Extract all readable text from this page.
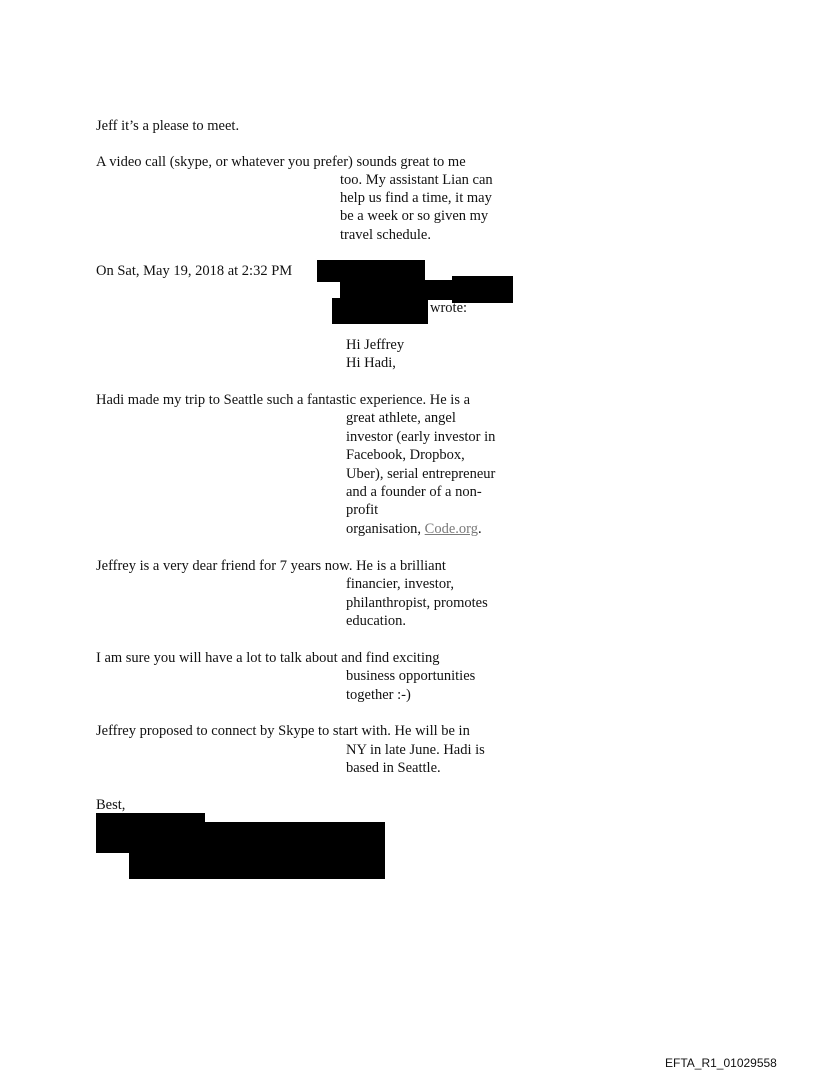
Jeff it’s a please to meet.
A video call (skype, or whatever you prefer) sounds great to me
too. My assistant Lian can
help us find a time, it may
be a week or so given my
travel schedule.
On Sat, May 19, 2018 at 2:32 PM
wrote:
Hi Jeffrey
Hi Hadi,
Hadi made my trip to Seattle such a fantastic experience. He is a
great athlete, angel
investor (early investor in
Facebook, Dropbox,
Uber), serial entrepreneur
and a founder of a non-
profit
organisation, Code.org.
Jeffrey is a very dear friend for 7 years now. He is a brilliant
financier, investor,
philanthropist, promotes
education.
I am sure you will have a lot to talk about and find exciting
business opportunities
together :-)
Jeffrey proposed to connect by Skype to start with. He will be in
NY in late June. Hadi is
based in Seattle.
Best,
EFTA_R1_01029558
